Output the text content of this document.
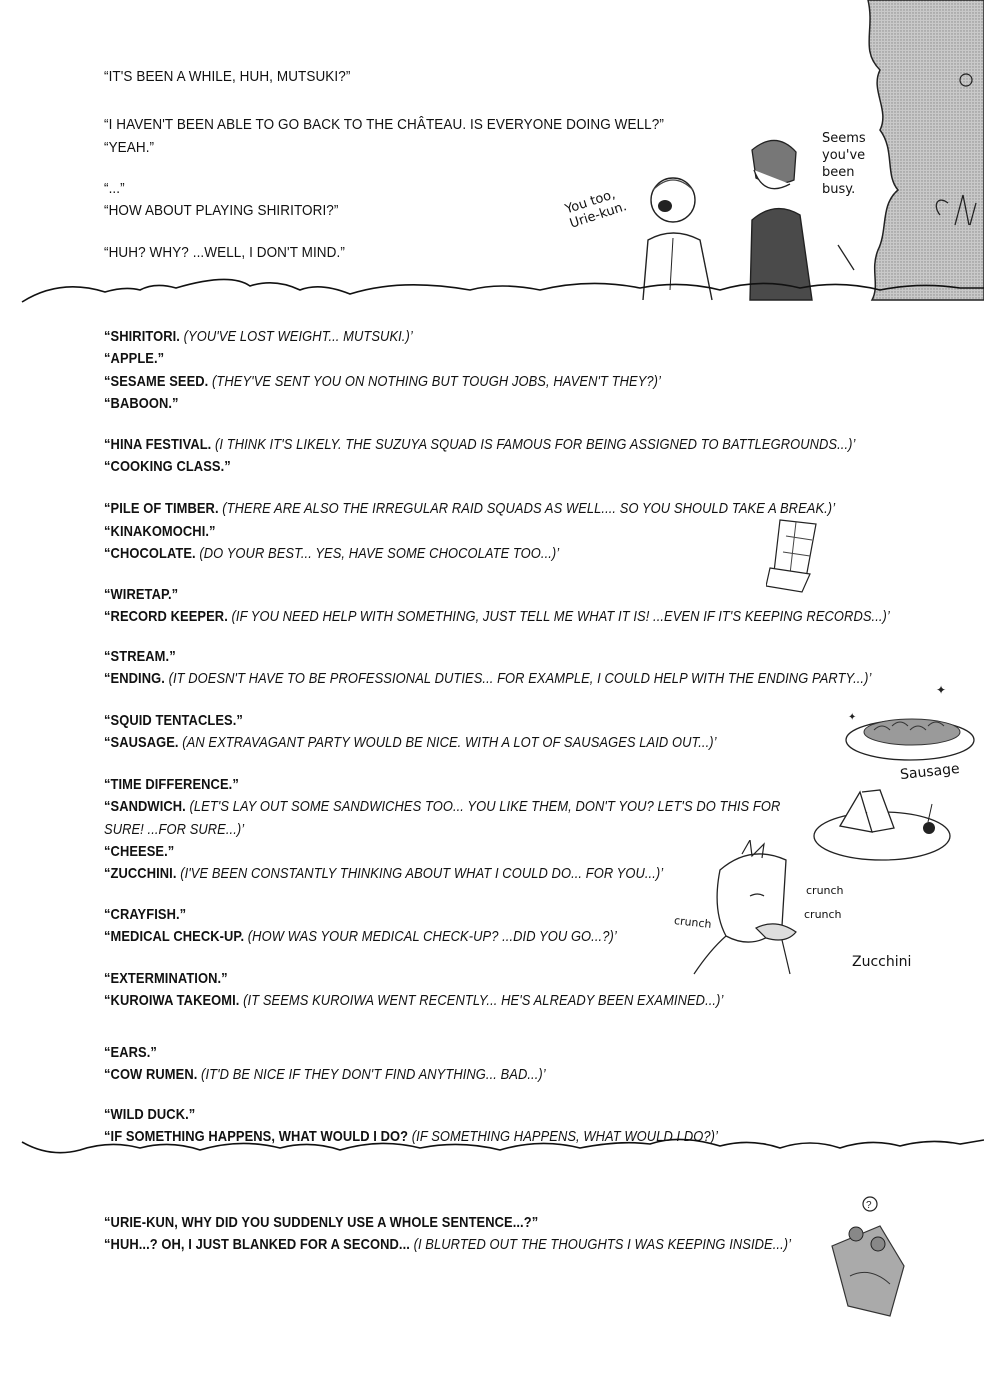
“IT'S BEEN A WHILE, HUH, MUTSUKI?”
“I HAVEN'T BEEN ABLE TO GO BACK TO THE CHÂTEAU. IS EVERYONE DOING WELL?”
“YEAH.”
“...”
“HOW ABOUT PLAYING SHIRITORI?”
“HUH? WHY? ...WELL, I DON'T MIND.”
You too, Urie-kun.
Seems you've been busy.
“SHIRITORI. (YOU'VE LOST WEIGHT... MUTSUKI.)’
“APPLE.”
“SESAME SEED. (THEY'VE SENT YOU ON NOTHING BUT TOUGH JOBS, HAVEN'T THEY?)’
“BABOON.”
“HINA FESTIVAL. (I THINK IT'S LIKELY. THE SUZUYA SQUAD IS FAMOUS FOR BEING ASSIGNED TO BATTLEGROUNDS...)’
“COOKING CLASS.”
“PILE OF TIMBER. (THERE ARE ALSO THE IRREGULAR RAID SQUADS AS WELL.... SO YOU SHOULD TAKE A BREAK.)’
“KINAKOMOCHI.”
“CHOCOLATE. (DO YOUR BEST... YES, HAVE SOME CHOCOLATE TOO...)’
“WIRETAP.”
“RECORD KEEPER. (IF YOU NEED HELP WITH SOMETHING, JUST TELL ME WHAT IT IS! ...EVEN IF IT'S KEEPING RECORDS...)’
“STREAM.”
“ENDING. (IT DOESN'T HAVE TO BE PROFESSIONAL DUTIES... FOR EXAMPLE, I COULD HELP WITH THE ENDING PARTY...)’
“SQUID TENTACLES.”
“SAUSAGE. (AN EXTRAVAGANT PARTY WOULD BE NICE. WITH A LOT OF SAUSAGES LAID OUT...)’
“TIME DIFFERENCE.”
“SANDWICH. (LET'S LAY OUT SOME SANDWICHES TOO... YOU LIKE THEM, DON'T YOU? LET'S DO THIS FOR
SURE! ...FOR SURE...)’
“CHEESE.”
“ZUCCHINI. (I'VE BEEN CONSTANTLY THINKING ABOUT WHAT I COULD DO... FOR YOU...)’
“CRAYFISH.”
“MEDICAL CHECK-UP. (HOW WAS YOUR MEDICAL CHECK-UP? ...DID YOU GO...?)’
“EXTERMINATION.”
“KUROIWA TAKEOMI. (IT SEEMS KUROIWA WENT RECENTLY... HE'S ALREADY BEEN EXAMINED...)’
“EARS.”
“COW RUMEN. (IT'D BE NICE IF THEY DON'T FIND ANYTHING... BAD...)’
“WILD DUCK.”
“IF SOMETHING HAPPENS, WHAT WOULD I DO? (IF SOMETHING HAPPENS, WHAT WOULD I DO?)’
✦
✦
Sausage
crunch
crunch
crunch
Zucchini
“URIE-KUN, WHY DID YOU SUDDENLY USE A WHOLE SENTENCE...?”
“HUH...? OH, I JUST BLANKED FOR A SECOND... (I BLURTED OUT THE THOUGHTS I WAS KEEPING INSIDE...)’
?
